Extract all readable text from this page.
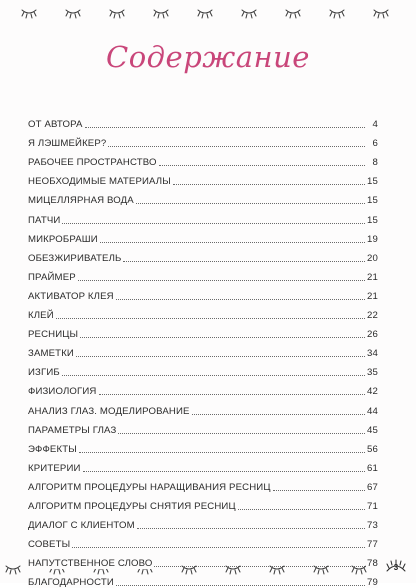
Содержание
ОТ АВТОРА	4
Я ЛЭШМЕЙКЕР?	6
РАБОЧЕЕ ПРОСТРАНСТВО	8
НЕОБХОДИМЫЕ МАТЕРИАЛЫ	15
МИЦЕЛЛЯРНАЯ ВОДА	15
ПАТЧИ	15
МИКРОБРАШИ	19
ОБЕЗЖИРИВАТЕЛЬ	20
ПРАЙМЕР	21
АКТИВАТОР КЛЕЯ	21
КЛЕЙ	22
РЕСНИЦЫ	26
ЗАМЕТКИ	34
ИЗГИБ	35
ФИЗИОЛОГИЯ	42
АНАЛИЗ ГЛАЗ. МОДЕЛИРОВАНИЕ	44
ПАРАМЕТРЫ ГЛАЗ	45
ЭФФЕКТЫ	56
КРИТЕРИИ	61
АЛГОРИТМ ПРОЦЕДУРЫ НАРАЩИВАНИЯ РЕСНИЦ	67
АЛГОРИТМ ПРОЦЕДУРЫ СНЯТИЯ РЕСНИЦ	71
ДИАЛОГ С КЛИЕНТОМ	73
СОВЕТЫ	77
НАПУТСТВЕННОЕ СЛОВО	78
БЛАГОДАРНОСТИ	79
3
